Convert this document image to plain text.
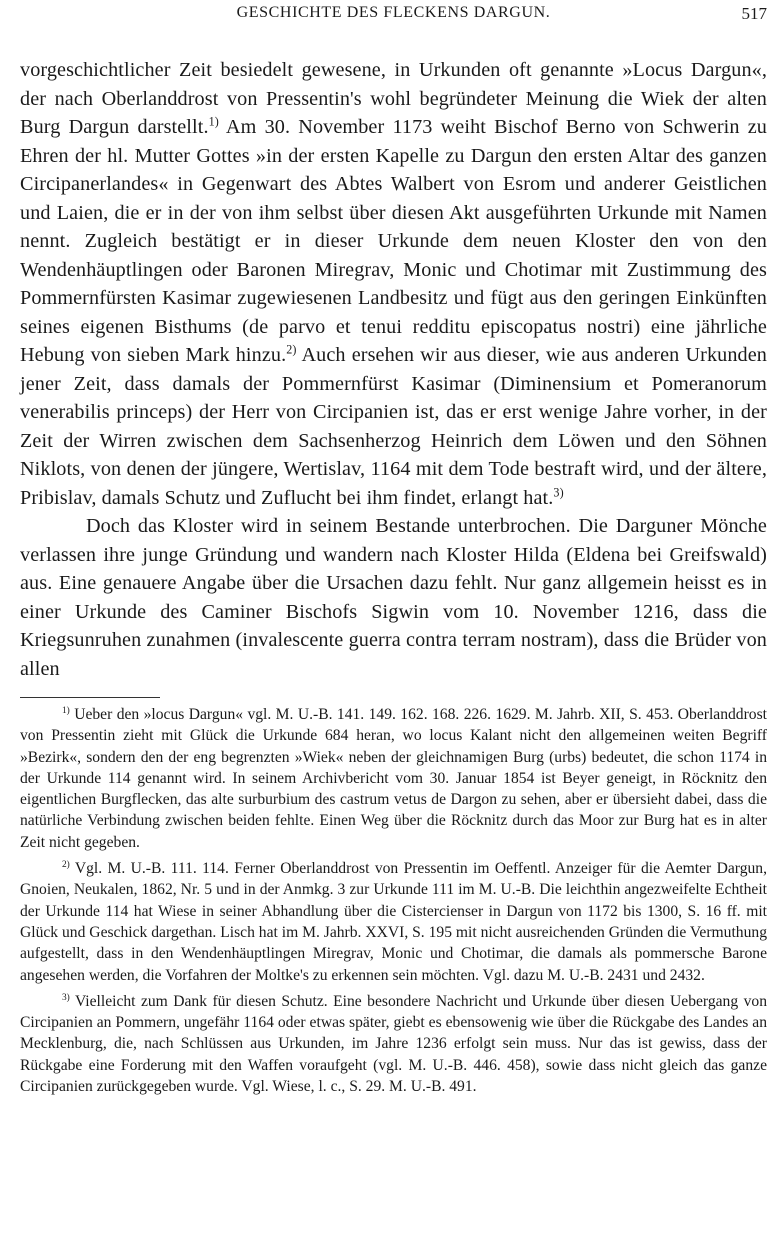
GESCHICHTE DES FLECKENS DARGUN.	517

vorgeschichtlicher Zeit besiedelt gewesene, in Urkunden oft genannte »Locus Dargun«, der nach Oberlanddrost von Pressentin's wohl begründeter Meinung die Wiek der alten Burg Dargun darstellt.$^{1)}$ Am 30. November 1173 weiht Bischof Berno von Schwerin zu Ehren der hl. Mutter Gottes »in der ersten Kapelle zu Dargun den ersten Altar des ganzen Circipanerlandes« in Gegenwart des Abtes Walbert von Esrom und anderer Geistlichen und Laien, die er in der von ihm selbst über diesen Akt ausgeführten Urkunde mit Namen nennt. Zugleich bestätigt er in dieser Urkunde dem neuen Kloster den von den Wendenhäuptlingen oder Baronen Miregrav, Monic und Chotimar mit Zustimmung des Pommernfürsten Kasimar zugewiesenen Landbesitz und fügt aus den geringen Einkünften seines eigenen Bisthums (de parvo et tenui redditu episcopatus nostri) eine jährliche Hebung von sieben Mark hinzu.$^{2)}$ Auch ersehen wir aus dieser, wie aus anderen Urkunden jener Zeit, dass damals der Pommernfürst Kasimar (Diminensium et Pomeranorum venerabilis princeps) der Herr von Circipanien ist, das er erst wenige Jahre vorher, in der Zeit der Wirren zwischen dem Sachsenherzog Heinrich dem Löwen und den Söhnen Niklots, von denen der jüngere, Wertislav, 1164 mit dem Tode bestraft wird, und der ältere, Pribislav, damals Schutz und Zuflucht bei ihm findet, erlangt hat.$^{3)}$

Doch das Kloster wird in seinem Bestande unterbrochen. Die Darguner Mönche verlassen ihre junge Gründung und wandern nach Kloster Hilda (Eldena bei Greifswald) aus. Eine genauere Angabe über die Ursachen dazu fehlt. Nur ganz allgemein heisst es in einer Urkunde des Caminer Bischofs Sigwin vom 10. November 1216, dass die Kriegsunruhen zunahmen (invalescente guerra contra terram nostram), dass die Brüder von allen

$^{1)}$ Ueber den »locus Dargun« vgl. M. U.-B. 141. 149. 162. 168. 226. 1629. M. Jahrb. XII, S. 453. Oberlanddrost von Pressentin zieht mit Glück die Urkunde 684 heran, wo locus Kalant nicht den allgemeinen weiten Begriff »Bezirk«, sondern den der eng begrenzten »Wiek« neben der gleichnamigen Burg (urbs) bedeutet, die schon 1174 in der Urkunde 114 genannt wird. In seinem Archivbericht vom 30. Januar 1854 ist Beyer geneigt, in Röcknitz den eigentlichen Burgflecken, das alte surburbium des castrum vetus de Dargon zu sehen, aber er übersieht dabei, dass die natürliche Verbindung zwischen beiden fehlte. Einen Weg über die Röcknitz durch das Moor zur Burg hat es in alter Zeit nicht gegeben.

$^{2)}$ Vgl. M. U.-B. 111. 114. Ferner Oberlanddrost von Pressentin im Oeffentl. Anzeiger für die Aemter Dargun, Gnoien, Neukalen, 1862, Nr. 5 und in der Anmkg. 3 zur Urkunde 111 im M. U.-B. Die leichthin angezweifelte Echtheit der Urkunde 114 hat Wiese in seiner Abhandlung über die Cistercienser in Dargun von 1172 bis 1300, S. 16 ff. mit Glück und Geschick dargethan. Lisch hat im M. Jahrb. XXVI, S. 195 mit nicht ausreichenden Gründen die Vermuthung aufgestellt, dass in den Wendenhäuptlingen Miregrav, Monic und Chotimar, die damals als pommersche Barone angesehen werden, die Vorfahren der Moltke's zu erkennen sein möchten. Vgl. dazu M. U.-B. 2431 und 2432.

$^{3)}$ Vielleicht zum Dank für diesen Schutz. Eine besondere Nachricht und Urkunde über diesen Uebergang von Circipanien an Pommern, ungefähr 1164 oder etwas später, giebt es ebensowenig wie über die Rückgabe des Landes an Mecklenburg, die, nach Schlüssen aus Urkunden, im Jahre 1236 erfolgt sein muss. Nur das ist gewiss, dass der Rückgabe eine Forderung mit den Waffen voraufgeht (vgl. M. U.-B. 446. 458), sowie dass nicht gleich das ganze Circipanien zurückgegeben wurde. Vgl. Wiese, l. c., S. 29. M. U.-B. 491.
